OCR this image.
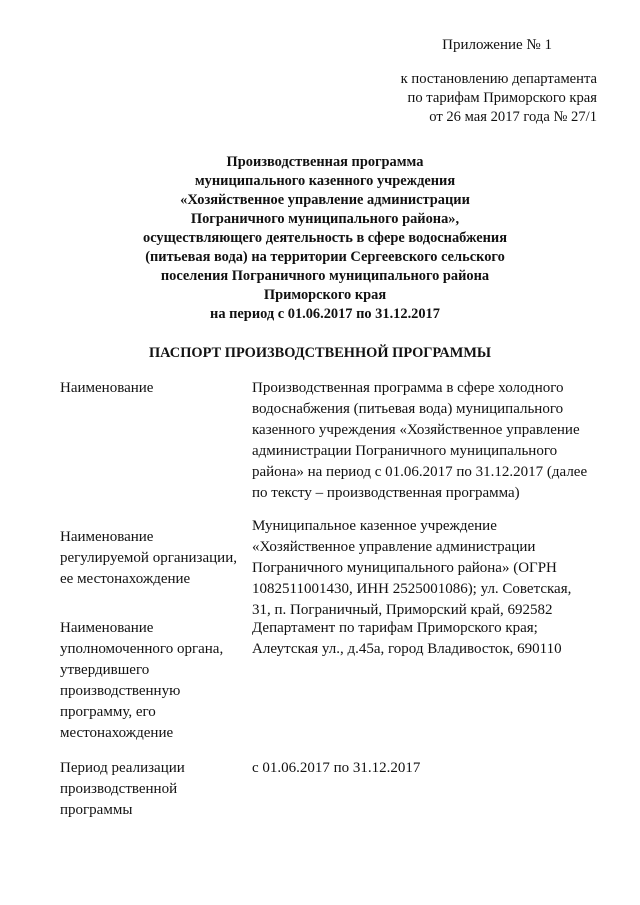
Приложение № 1
к постановлению департамента
по тарифам Приморского края
от 26 мая 2017 года № 27/1
Производственная программа
муниципального казенного учреждения
«Хозяйственное управление администрации
Пограничного муниципального района»,
осуществляющего деятельность в сфере водоснабжения
(питьевая вода) на территории Сергеевского сельского
поселения Пограничного муниципального района
Приморского края
на период с 01.06.2017 по 31.12.2017
ПАСПОРТ ПРОИЗВОДСТВЕННОЙ ПРОГРАММЫ
Наименование	Производственная программа в сфере холодного
водоснабжения (питьевая вода) муниципального
казенного учреждения «Хозяйственное управление
администрации Пограничного муниципального
района» на период с 01.06.2017 по 31.12.2017 (далее
по тексту – производственная программа)
Наименование
регулируемой организации,
ее местонахождение
Муниципальное казенное учреждение
«Хозяйственное управление администрации
Пограничного муниципального района» (ОГРН
1082511001430, ИНН 2525001086); ул. Советская,
31, п. Пограничный, Приморский край, 692582
Наименование
уполномоченного органа,
утвердившего
производственную
программу, его
местонахождение
Департамент по тарифам Приморского края;
Алеутская ул., д.45а, город Владивосток, 690110
Период реализации
производственной
программы
с 01.06.2017 по 31.12.2017
